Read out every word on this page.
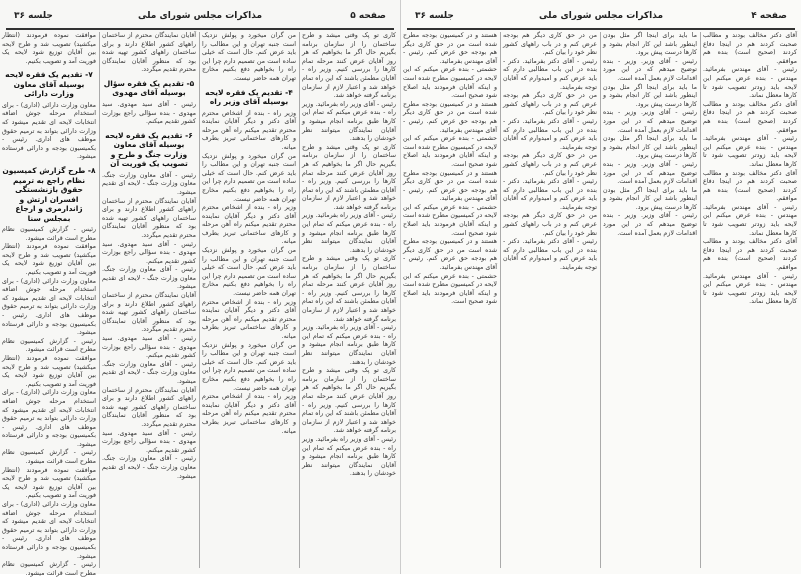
صفحه ۵
مذاکرات مجلس شورای ملی
جلسه ۳۶

موافقت نموده فرمودند (انتظار میکشید) تصویب شد و طرح لایحه بین آقایان توزیع شود لایحه یک فوریت آمد و تصویب بکنیم.

۷- تقدیم یک فقره لایحه بوسیله آقای معاون وزارت دارائی

معاون وزارت دارائی (اداری) - برای استخدام مرحله جوش اضافه انتخابات لایحه ای تقدیم میشود که وزارت دارائی بتواند به ترمیم حقوق موظف های اداری. رئیس - بکمیسیون بودجه و دارائی فرستاده میشود.

۸- طرح گزارش کمیسیون نظام راجع به ترمیم حقوق بازنشستگی افسران ارتش و ژاندارمری و ارجاع بمجلس سنا

رئیس - گزارش کمیسیون نظام مطرح است قرائت میشود.

موافقت نموده فرمودند (انتظار میکشید) تصویب شد و طرح لایحه بین آقایان توزیع شود لایحه یک فوریت آمد و تصویب بکنیم.

معاون وزارت دارائی (اداری) - برای استخدام مرحله جوش اضافه انتخابات لایحه ای تقدیم میشود که وزارت دارائی بتواند به ترمیم حقوق موظف های اداری. رئیس - بکمیسیون بودجه و دارائی فرستاده میشود.

رئیس - گزارش کمیسیون نظام مطرح است قرائت میشود.

موافقت نموده فرمودند (انتظار میکشید) تصویب شد و طرح لایحه بین آقایان توزیع شود لایحه یک فوریت آمد و تصویب بکنیم.

معاون وزارت دارائی (اداری) - برای استخدام مرحله جوش اضافه انتخابات لایحه ای تقدیم میشود که وزارت دارائی بتواند به ترمیم حقوق موظف های اداری. رئیس - بکمیسیون بودجه و دارائی فرستاده میشود.

رئیس - گزارش کمیسیون نظام مطرح است قرائت میشود.

موافقت نموده فرمودند (انتظار میکشید) تصویب شد و طرح لایحه بین آقایان توزیع شود لایحه یک فوریت آمد و تصویب بکنیم.

معاون وزارت دارائی (اداری) - برای استخدام مرحله جوش اضافه انتخابات لایحه ای تقدیم میشود که وزارت دارائی بتواند به ترمیم حقوق موظف های اداری. رئیس - بکمیسیون بودجه و دارائی فرستاده میشود.

رئیس - گزارش کمیسیون نظام مطرح است قرائت میشود.

آقایان نمایندگان محترم از ساختمان راههای کشور اطلاع دارند و برای ساختمان راههای کشور تهیه شده بود که منظور آقایان نمایندگان محترم تقدیم میگردد.

۵- تقدیم یک فقره سؤال بوسیله آقای مهدوی

رئیس - آقای سید مهدوی. سید مهدوی - بنده سؤالی راجع بوزارت کشور تقدیم میکنم.

۶- تقدیم یک فقره لایحه بوسیله آقای معاون وزارت جنگ و طرح و تصویب یک فوریت آن

رئیس - آقای معاون وزارت جنگ. معاون وزارت جنگ - لایحه ای تقدیم میشود.

آقایان نمایندگان محترم از ساختمان راههای کشور اطلاع دارند و برای ساختمان راههای کشور تهیه شده بود که منظور آقایان نمایندگان محترم تقدیم میگردد.

رئیس - آقای سید مهدوی. سید مهدوی - بنده سؤالی راجع بوزارت کشور تقدیم میکنم.

رئیس - آقای معاون وزارت جنگ. معاون وزارت جنگ - لایحه ای تقدیم میشود.

آقایان نمایندگان محترم از ساختمان راههای کشور اطلاع دارند و برای ساختمان راههای کشور تهیه شده بود که منظور آقایان نمایندگان محترم تقدیم میگردد.

رئیس - آقای سید مهدوی. سید مهدوی - بنده سؤالی راجع بوزارت کشور تقدیم میکنم.

رئیس - آقای معاون وزارت جنگ. معاون وزارت جنگ - لایحه ای تقدیم میشود.

آقایان نمایندگان محترم از ساختمان راههای کشور اطلاع دارند و برای ساختمان راههای کشور تهیه شده بود که منظور آقایان نمایندگان محترم تقدیم میگردد.

رئیس - آقای سید مهدوی. سید مهدوی - بنده سؤالی راجع بوزارت کشور تقدیم میکنم.

رئیس - آقای معاون وزارت جنگ. معاون وزارت جنگ - لایحه ای تقدیم میشود.

من گران میخورد و پولش نزدیک است جنبه تهران و این مطالب را باید عرض کنم. حال است که خیلی ساده است من تصمیم دارم چرا این راه را بخواهیم دفع بکنیم مخارج تهران همه حاضر نیست.

۴- تقدیم یک فقره لایحه بوسیله آقای وزیر راه

وزیر راه - بنده از اشخاص محترم آقای دکتر و دیگر آقایان نماینده محترم تقدیم میکنم راه آهن مرحله و کارهای ساختمانی تبریز بطرف میانه.

من گران میخورد و پولش نزدیک است جنبه تهران و این مطالب را باید عرض کنم. حال است که خیلی ساده است من تصمیم دارم چرا این راه را بخواهیم دفع بکنیم مخارج تهران همه حاضر نیست.

وزیر راه - بنده از اشخاص محترم آقای دکتر و دیگر آقایان نماینده محترم تقدیم میکنم راه آهن مرحله و کارهای ساختمانی تبریز بطرف میانه.

من گران میخورد و پولش نزدیک است جنبه تهران و این مطالب را باید عرض کنم. حال است که خیلی ساده است من تصمیم دارم چرا این راه را بخواهیم دفع بکنیم مخارج تهران همه حاضر نیست.

وزیر راه - بنده از اشخاص محترم آقای دکتر و دیگر آقایان نماینده محترم تقدیم میکنم راه آهن مرحله و کارهای ساختمانی تبریز بطرف میانه.

من گران میخورد و پولش نزدیک است جنبه تهران و این مطالب را باید عرض کنم. حال است که خیلی ساده است من تصمیم دارم چرا این راه را بخواهیم دفع بکنیم مخارج تهران همه حاضر نیست.

وزیر راه - بنده از اشخاص محترم آقای دکتر و دیگر آقایان نماینده محترم تقدیم میکنم راه آهن مرحله و کارهای ساختمانی تبریز بطرف میانه.

کاری تو پک وقتی میشد و طرح ساختمان را از سازمان برنامه بگیریم حال اگر ما بخواهیم که هر روز آقایان عرض کنند مرحله تمام کارها را بررسی کنیم. وزیر راه - آقایان مطمئن باشند که این راه تمام خواهد شد و اعتبار لازم از سازمان برنامه گرفته خواهد شد.

رئیس - آقای وزیر راه بفرمائید. وزیر راه - بنده عرض میکنم که تمام این کارها طبق برنامه انجام میشود و آقایان نمایندگان میتوانند نظر خودشان را بدهند.

کاری تو پک وقتی میشد و طرح ساختمان را از سازمان برنامه بگیریم حال اگر ما بخواهیم که هر روز آقایان عرض کنند مرحله تمام کارها را بررسی کنیم. وزیر راه - آقایان مطمئن باشند که این راه تمام خواهد شد و اعتبار لازم از سازمان برنامه گرفته خواهد شد.

رئیس - آقای وزیر راه بفرمائید. وزیر راه - بنده عرض میکنم که تمام این کارها طبق برنامه انجام میشود و آقایان نمایندگان میتوانند نظر خودشان را بدهند.

کاری تو پک وقتی میشد و طرح ساختمان را از سازمان برنامه بگیریم حال اگر ما بخواهیم که هر روز آقایان عرض کنند مرحله تمام کارها را بررسی کنیم. وزیر راه - آقایان مطمئن باشند که این راه تمام خواهد شد و اعتبار لازم از سازمان برنامه گرفته خواهد شد.

رئیس - آقای وزیر راه بفرمائید. وزیر راه - بنده عرض میکنم که تمام این کارها طبق برنامه انجام میشود و آقایان نمایندگان میتوانند نظر خودشان را بدهند.

کاری تو پک وقتی میشد و طرح ساختمان را از سازمان برنامه بگیریم حال اگر ما بخواهیم که هر روز آقایان عرض کنند مرحله تمام کارها را بررسی کنیم. وزیر راه - آقایان مطمئن باشند که این راه تمام خواهد شد و اعتبار لازم از سازمان برنامه گرفته خواهد شد.

رئیس - آقای وزیر راه بفرمائید. وزیر راه - بنده عرض میکنم که تمام این کارها طبق برنامه انجام میشود و آقایان نمایندگان میتوانند نظر خودشان را بدهند.

صفحه ۴
مذاکرات مجلس شورای ملی
جلسه ۳۶

هستند و در کمیسیون بودجه مطرح شده است من در حق کاری دیگر هم بودجه حق عرض کنم. رئیس - آقای مهندس بفرمائید.

حشمتی - بنده عرض میکنم که این لایحه در کمیسیون مطرح شده است و اینکه آقایان فرمودند باید اصلاح شود صحیح است.

هستند و در کمیسیون بودجه مطرح شده است من در حق کاری دیگر هم بودجه حق عرض کنم. رئیس - آقای مهندس بفرمائید.

حشمتی - بنده عرض میکنم که این لایحه در کمیسیون مطرح شده است و اینکه آقایان فرمودند باید اصلاح شود صحیح است.

هستند و در کمیسیون بودجه مطرح شده است من در حق کاری دیگر هم بودجه حق عرض کنم. رئیس - آقای مهندس بفرمائید.

حشمتی - بنده عرض میکنم که این لایحه در کمیسیون مطرح شده است و اینکه آقایان فرمودند باید اصلاح شود صحیح است.

هستند و در کمیسیون بودجه مطرح شده است من در حق کاری دیگر هم بودجه حق عرض کنم. رئیس - آقای مهندس بفرمائید.

حشمتی - بنده عرض میکنم که این لایحه در کمیسیون مطرح شده است و اینکه آقایان فرمودند باید اصلاح شود صحیح است.

من در حق کاری دیگر هم بودجه عرض کنم و در باب راههای کشور نظر خود را بیان کنم.

رئیس - آقای دکتر بفرمائید. دکتر - بنده در این باب مطالبی دارم که باید عرض کنم و امیدوارم که آقایان توجه بفرمایند.

من در حق کاری دیگر هم بودجه عرض کنم و در باب راههای کشور نظر خود را بیان کنم.

رئیس - آقای دکتر بفرمائید. دکتر - بنده در این باب مطالبی دارم که باید عرض کنم و امیدوارم که آقایان توجه بفرمایند.

من در حق کاری دیگر هم بودجه عرض کنم و در باب راههای کشور نظر خود را بیان کنم.

رئیس - آقای دکتر بفرمائید. دکتر - بنده در این باب مطالبی دارم که باید عرض کنم و امیدوارم که آقایان توجه بفرمایند.

من در حق کاری دیگر هم بودجه عرض کنم و در باب راههای کشور نظر خود را بیان کنم.

رئیس - آقای دکتر بفرمائید. دکتر - بنده در این باب مطالبی دارم که باید عرض کنم و امیدوارم که آقایان توجه بفرمایند.

ما باید برای اینجا اگر مثل بودن اینطور باشد این کار انجام بشود و کارها درست پیش برود.

رئیس - آقای وزیر. وزیر - بنده توضیح میدهم که در این مورد اقدامات لازم بعمل آمده است.

ما باید برای اینجا اگر مثل بودن اینطور باشد این کار انجام بشود و کارها درست پیش برود.

رئیس - آقای وزیر. وزیر - بنده توضیح میدهم که در این مورد اقدامات لازم بعمل آمده است.

ما باید برای اینجا اگر مثل بودن اینطور باشد این کار انجام بشود و کارها درست پیش برود.

رئیس - آقای وزیر. وزیر - بنده توضیح میدهم که در این مورد اقدامات لازم بعمل آمده است.

ما باید برای اینجا اگر مثل بودن اینطور باشد این کار انجام بشود و کارها درست پیش برود.

رئیس - آقای وزیر. وزیر - بنده توضیح میدهم که در این مورد اقدامات لازم بعمل آمده است.

آقای دکتر مخالف بودند و مطالب صحبت کردند هم در اینجا دفاع کردند (صحیح است) بنده هم موافقم.

رئیس - آقای مهندس بفرمائید. مهندس - بنده عرض میکنم این لایحه باید زودتر تصویب شود تا کارها معطل نماند.

آقای دکتر مخالف بودند و مطالب صحبت کردند هم در اینجا دفاع کردند (صحیح است) بنده هم موافقم.

رئیس - آقای مهندس بفرمائید. مهندس - بنده عرض میکنم این لایحه باید زودتر تصویب شود تا کارها معطل نماند.

آقای دکتر مخالف بودند و مطالب صحبت کردند هم در اینجا دفاع کردند (صحیح است) بنده هم موافقم.

رئیس - آقای مهندس بفرمائید. مهندس - بنده عرض میکنم این لایحه باید زودتر تصویب شود تا کارها معطل نماند.

آقای دکتر مخالف بودند و مطالب صحبت کردند هم در اینجا دفاع کردند (صحیح است) بنده هم موافقم.

رئیس - آقای مهندس بفرمائید. مهندس - بنده عرض میکنم این لایحه باید زودتر تصویب شود تا کارها معطل نماند.
